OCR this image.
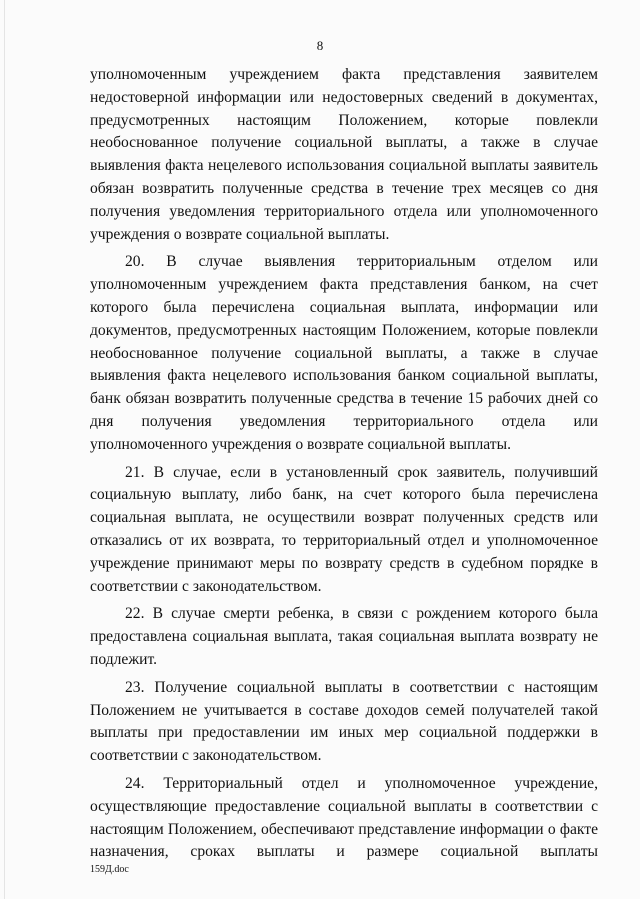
8

уполномоченным учреждением факта представления заявителем недостоверной информации или недостоверных сведений в документах, предусмотренных настоящим Положением, которые повлекли необоснованное получение социальной выплаты, а также в случае выявления факта нецелевого использования социальной выплаты заявитель обязан возвратить полученные средства в течение трех месяцев со дня получения уведомления территориального отдела или уполномоченного учреждения о возврате социальной выплаты.

20. В случае выявления территориальным отделом или уполномоченным учреждением факта представления банком, на счет которого была перечислена социальная выплата, информации или документов, предусмотренных настоящим Положением, которые повлекли необоснованное получение социальной выплаты, а также в случае выявления факта нецелевого использования банком социальной выплаты, банк обязан возвратить полученные средства в течение 15 рабочих дней со дня получения уведомления территориального отдела или уполномоченного учреждения о возврате социальной выплаты.

21. В случае, если в установленный срок заявитель, получивший социальную выплату, либо банк, на счет которого была перечислена социальная выплата, не осуществили возврат полученных средств или отказались от их возврата, то территориальный отдел и уполномоченное учреждение принимают меры по возврату средств в судебном порядке в соответствии с законодательством.

22. В случае смерти ребенка, в связи с рождением которого была предоставлена социальная выплата, такая социальная выплата возврату не подлежит.

23. Получение социальной выплаты в соответствии с настоящим Положением не учитывается в составе доходов семей получателей такой выплаты при предоставлении им иных мер социальной поддержки в соответствии с законодательством.

24. Территориальный отдел и уполномоченное учреждение, осуществляющие предоставление социальной выплаты в соответствии с настоящим Положением, обеспечивают представление информации о факте назначения, сроках выплаты и размере социальной выплаты

159Д.doc
